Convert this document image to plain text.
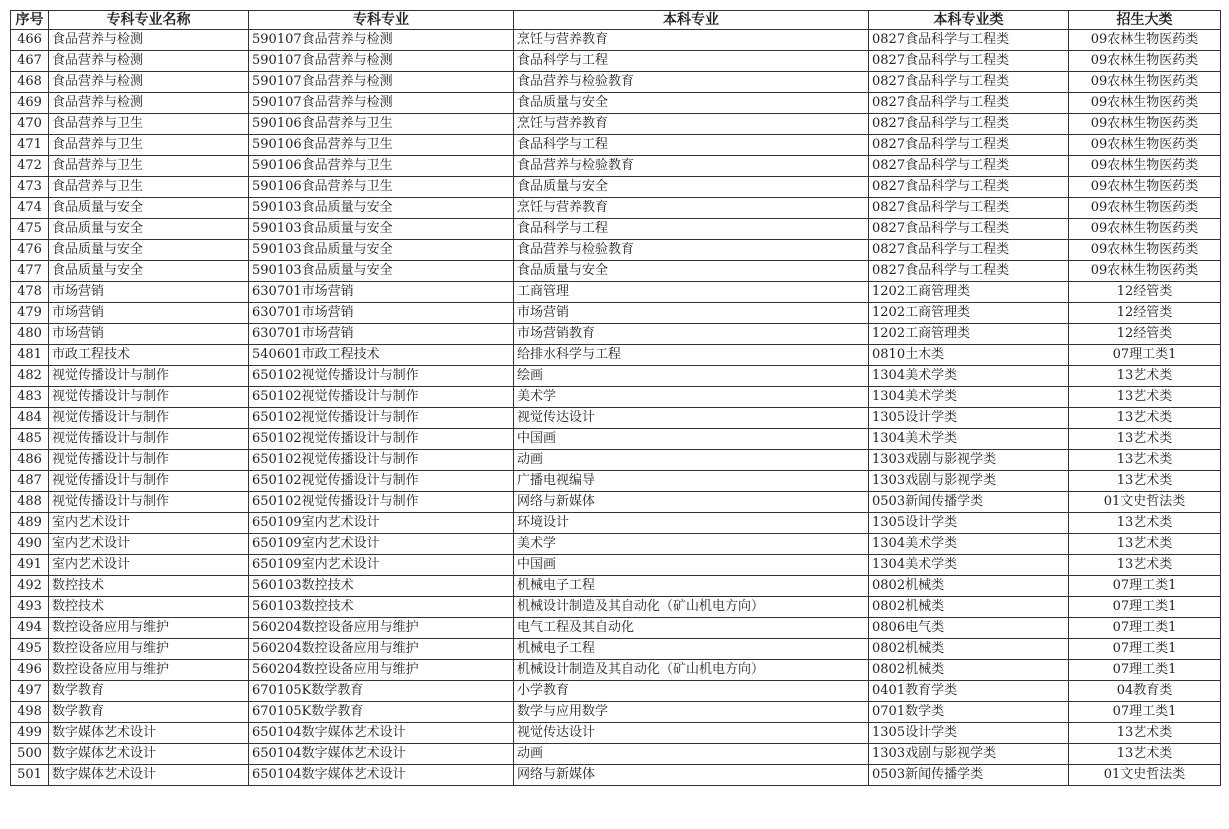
序号	专科专业名称	专科专业	本科专业	本科专业类	招生大类
466	食品营养与检测	590107食品营养与检测	烹饪与营养教育	0827食品科学与工程类	09农林生物医药类
467	食品营养与检测	590107食品营养与检测	食品科学与工程	0827食品科学与工程类	09农林生物医药类
468	食品营养与检测	590107食品营养与检测	食品营养与检验教育	0827食品科学与工程类	09农林生物医药类
469	食品营养与检测	590107食品营养与检测	食品质量与安全	0827食品科学与工程类	09农林生物医药类
470	食品营养与卫生	590106食品营养与卫生	烹饪与营养教育	0827食品科学与工程类	09农林生物医药类
471	食品营养与卫生	590106食品营养与卫生	食品科学与工程	0827食品科学与工程类	09农林生物医药类
472	食品营养与卫生	590106食品营养与卫生	食品营养与检验教育	0827食品科学与工程类	09农林生物医药类
473	食品营养与卫生	590106食品营养与卫生	食品质量与安全	0827食品科学与工程类	09农林生物医药类
474	食品质量与安全	590103食品质量与安全	烹饪与营养教育	0827食品科学与工程类	09农林生物医药类
475	食品质量与安全	590103食品质量与安全	食品科学与工程	0827食品科学与工程类	09农林生物医药类
476	食品质量与安全	590103食品质量与安全	食品营养与检验教育	0827食品科学与工程类	09农林生物医药类
477	食品质量与安全	590103食品质量与安全	食品质量与安全	0827食品科学与工程类	09农林生物医药类
478	市场营销	630701市场营销	工商管理	1202工商管理类	12经管类
479	市场营销	630701市场营销	市场营销	1202工商管理类	12经管类
480	市场营销	630701市场营销	市场营销教育	1202工商管理类	12经管类
481	市政工程技术	540601市政工程技术	给排水科学与工程	0810土木类	07理工类1
482	视觉传播设计与制作	650102视觉传播设计与制作	绘画	1304美术学类	13艺术类
483	视觉传播设计与制作	650102视觉传播设计与制作	美术学	1304美术学类	13艺术类
484	视觉传播设计与制作	650102视觉传播设计与制作	视觉传达设计	1305设计学类	13艺术类
485	视觉传播设计与制作	650102视觉传播设计与制作	中国画	1304美术学类	13艺术类
486	视觉传播设计与制作	650102视觉传播设计与制作	动画	1303戏剧与影视学类	13艺术类
487	视觉传播设计与制作	650102视觉传播设计与制作	广播电视编导	1303戏剧与影视学类	13艺术类
488	视觉传播设计与制作	650102视觉传播设计与制作	网络与新媒体	0503新闻传播学类	01文史哲法类
489	室内艺术设计	650109室内艺术设计	环境设计	1305设计学类	13艺术类
490	室内艺术设计	650109室内艺术设计	美术学	1304美术学类	13艺术类
491	室内艺术设计	650109室内艺术设计	中国画	1304美术学类	13艺术类
492	数控技术	560103数控技术	机械电子工程	0802机械类	07理工类1
493	数控技术	560103数控技术	机械设计制造及其自动化（矿山机电方向）	0802机械类	07理工类1
494	数控设备应用与维护	560204数控设备应用与维护	电气工程及其自动化	0806电气类	07理工类1
495	数控设备应用与维护	560204数控设备应用与维护	机械电子工程	0802机械类	07理工类1
496	数控设备应用与维护	560204数控设备应用与维护	机械设计制造及其自动化（矿山机电方向）	0802机械类	07理工类1
497	数学教育	670105K数学教育	小学教育	0401教育学类	04教育类
498	数学教育	670105K数学教育	数学与应用数学	0701数学类	07理工类1
499	数字媒体艺术设计	650104数字媒体艺术设计	视觉传达设计	1305设计学类	13艺术类
500	数字媒体艺术设计	650104数字媒体艺术设计	动画	1303戏剧与影视学类	13艺术类
501	数字媒体艺术设计	650104数字媒体艺术设计	网络与新媒体	0503新闻传播学类	01文史哲法类
